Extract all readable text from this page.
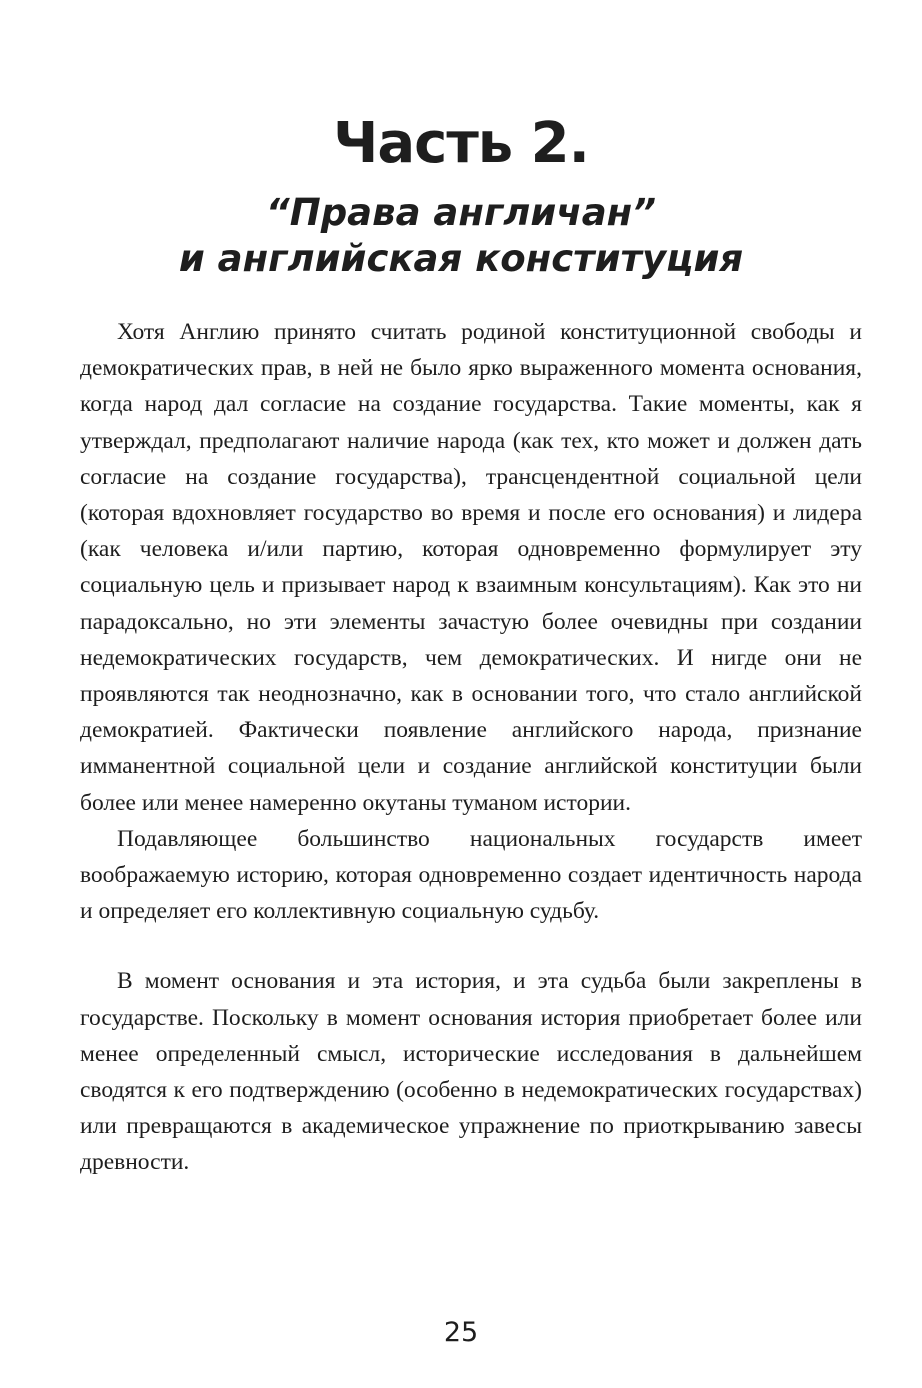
Часть 2.
“Права англичан”
и английская конституция

Хотя Англию принято считать родиной конституционной свободы и демократических прав, в ней не было ярко выраженного момента основания, когда народ дал согласие на создание государства. Такие моменты, как я утверждал, предполагают наличие народа (как тех, кто может и должен дать согласие на создание государства), трансцендентной социальной цели (которая вдохновляет государство во время и после его основания) и лидера (как человека и/или партию, которая одновременно формулирует эту социальную цель и призывает народ к взаимным консультациям). Как это ни парадоксально, но эти элементы зачастую более очевидны при создании недемократических государств, чем демократических. И нигде они не проявляются так неоднозначно, как в основании того, что стало английской демократией. Фактически появление английского народа, признание имманентной социальной цели и создание английской конституции были более или менее намеренно окутаны туманом истории.

Подавляющее большинство национальных государств имеет воображаемую историю, которая одновременно создает идентичность народа и определяет его коллективную социальную судьбу.

В момент основания и эта история, и эта судьба были закреплены в государстве. Поскольку в момент основания история приобретает более или менее определенный смысл, исторические исследования в дальнейшем сводятся к его подтверждению (особенно в недемократических государствах) или превращаются в академическое упражнение по приоткрыванию завесы древности.

25
